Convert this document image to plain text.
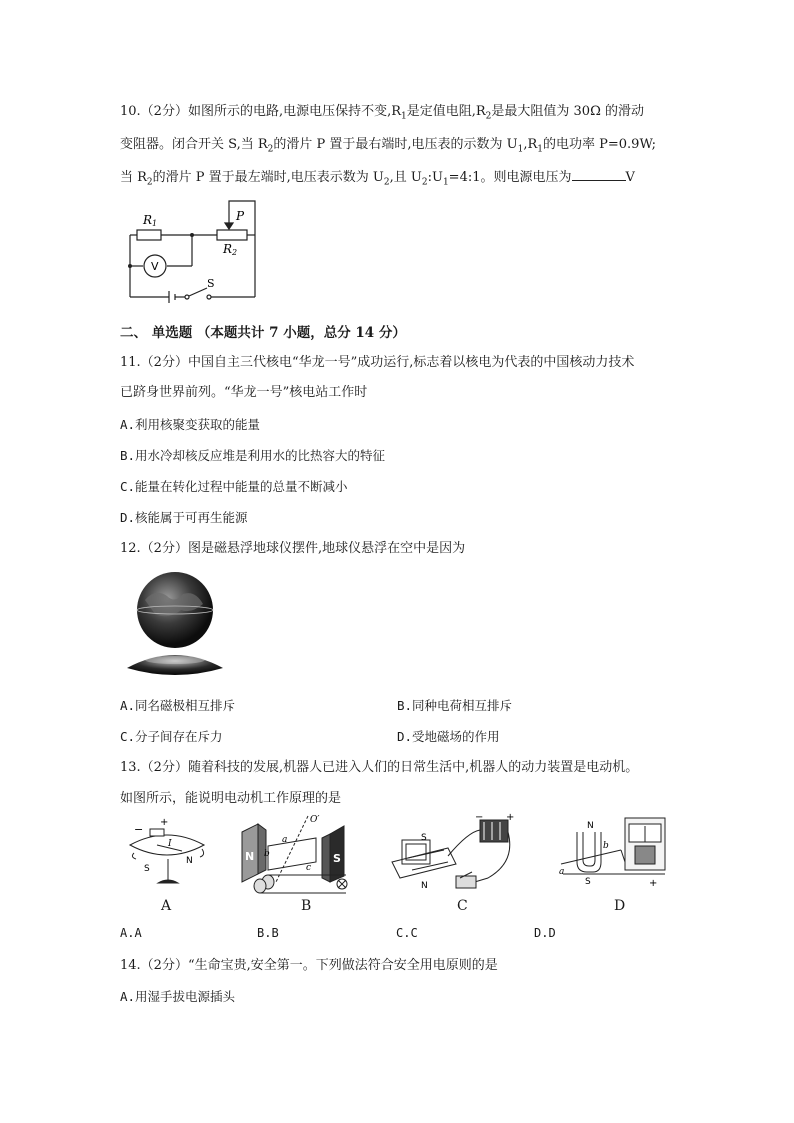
10.（2分）如图所示的电路,电源电压保持不变$,R_1$是定值电阻$,R_2$是最大阻值为 30Ω 的滑动
变阻器。闭合开关 S,当 $R_2$的滑片 P 置于最右端时,电压表的示数为 $U_1,R_1$的电功率 P=0.9W;
当 $R_2$的滑片 P 置于最左端时,电压表示数为 $U_2$,且 $U_2:U_1=4:1$。则电源电压为	V
R1
R2
P
V
S
二、 单选题 （本题共计 7 小题，总分 14 分）
11.（2分）中国自主三代核电“华龙一号”成功运行,标志着以核电为代表的中国核动力技术
已跻身世界前列。“华龙一号”核电站工作时
A.利用核聚变获取的能量
B.用水冷却核反应堆是利用水的比热容大的特征
C.能量在转化过程中能量的总量不断减小
D.核能属于可再生能源
12.（2分）图是磁悬浮地球仪摆件,地球仪悬浮在空中是因为
A.同名磁极相互排斥	B.同种电荷相互排斥
C.分子间存在斥力	D.受地磁场的作用
13.（2分）随着科技的发展,机器人已进入人们的日常生活中,机器人的动力装置是电动机。
如图所示，能说明电动机工作原理的是
−
+
I
S
N
A
N	S
O′
a
b
c
B
S
N
− +
C
N
S
b
a
+
D
A.A	B.B	C.C	D.D
14.（2分）“生命宝贵,安全第一。下列做法符合安全用电原则的是
A.用湿手拔电源插头
